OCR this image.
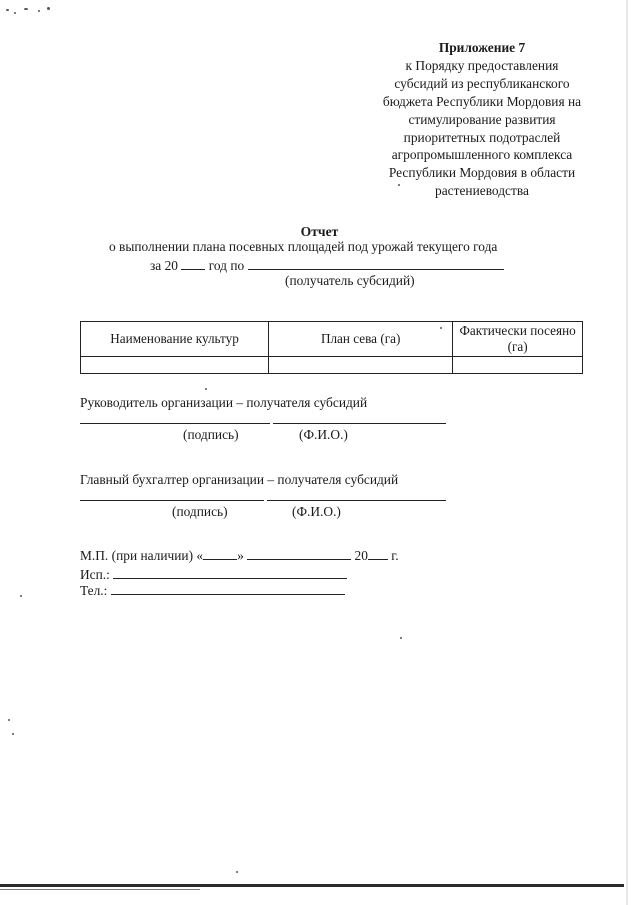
Приложение 7
к Порядку предоставления
субсидий из республиканского
бюджета Республики Мордовия на
стимулирование развития
приоритетных подотраслей
агропромышленного комплекса
Республики Мордовия в области
растениеводства
Отчет
о выполнении плана посевных площадей под урожай текущего года
за 20 год по
(получатель субсидий)
Наименование культур	План сева (га)	Фактически посеяно (га)

Руководитель организации – получателя субсидий
(подпись)	(Ф.И.О.)
Главный бухгалтер организации – получателя субсидий
(подпись)	(Ф.И.О.)
М.П. (при наличии) «	»	20 г.
Исп.:
Тел.:
